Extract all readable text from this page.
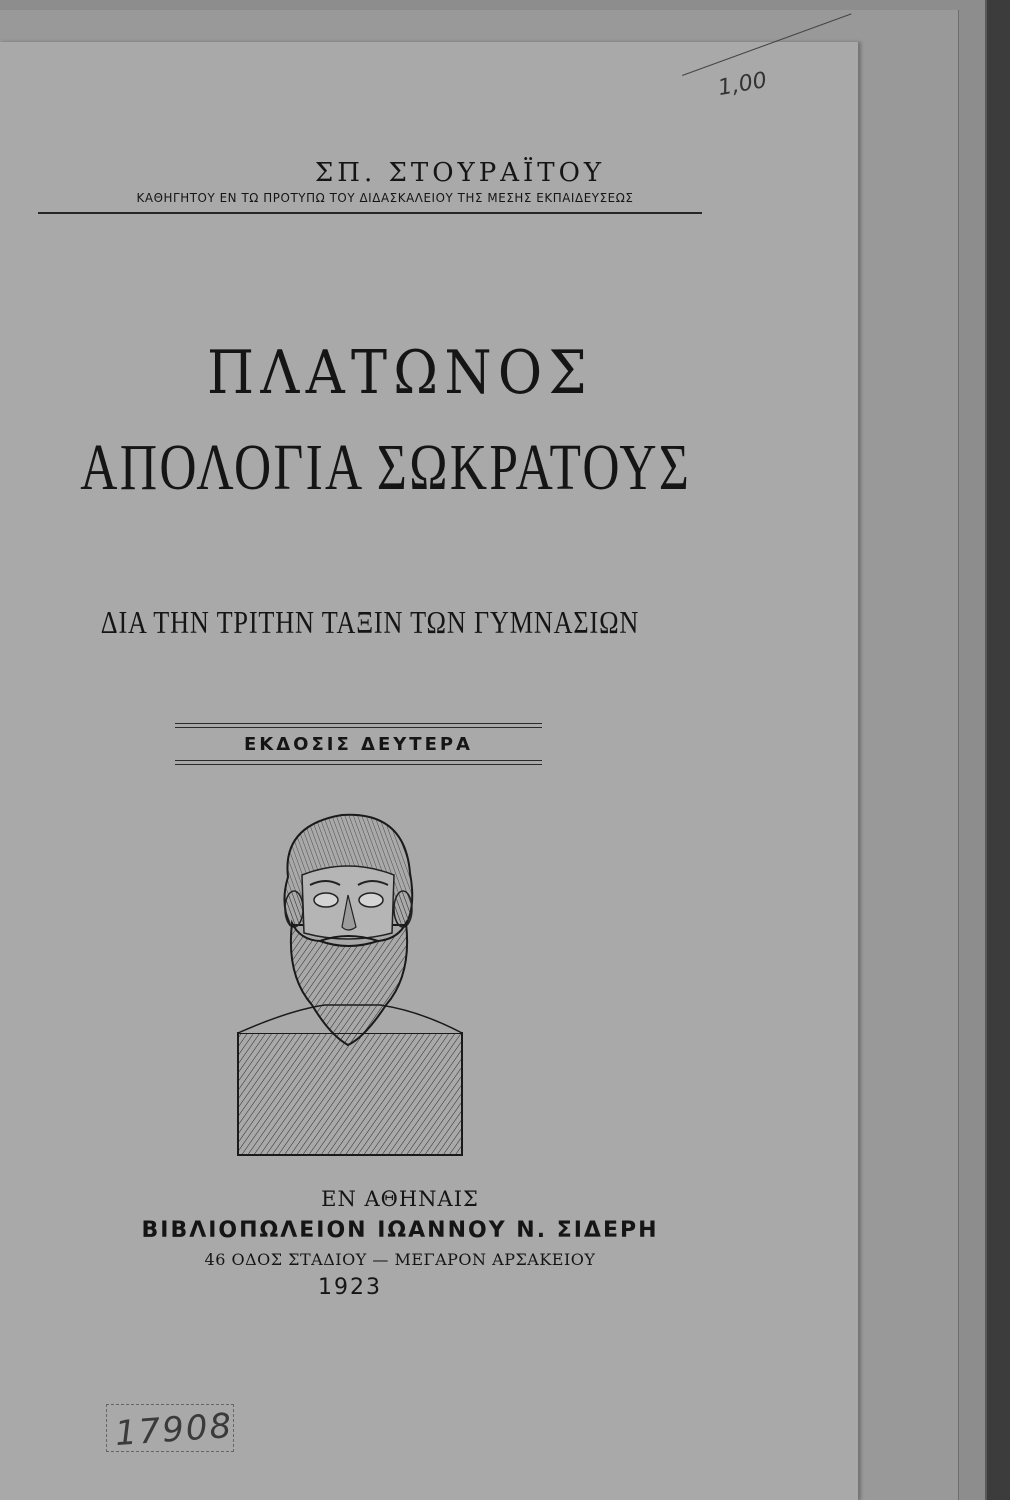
1,00
ΣΠ. ΣΤΟΥΡΑΪΤΟΥ
ΚΑΘΗΓΗΤΟΥ ΕΝ ΤΩ ΠΡΟΤΥΠΩ ΤΟΥ ΔΙΔΑΣΚΑΛΕΙΟΥ ΤΗΣ ΜΕΣΗΣ ΕΚΠΑΙΔΕΥΣΕΩΣ
ΠΛΑΤΩΝΟΣ
ΑΠΟΛΟΓΙΑ ΣΩΚΡΑΤΟΥΣ
ΔΙΑ ΤΗΝ ΤΡΙΤΗΝ ΤΑΞΙΝ ΤΩΝ ΓΥΜΝΑΣΙΩΝ
ΕΚΔΟΣΙΣ ΔΕΥΤΕΡΑ
ΕΝ ΑΘΗΝΑΙΣ
ΒΙΒΛΙΟΠΩΛΕΙΟΝ ΙΩΑΝΝΟΥ Ν. ΣΙΔΕΡΗ
46 ΟΔΟΣ ΣΤΑΔΙΟΥ — ΜΕΓΑΡΟΝ ΑΡΣΑΚΕΙΟΥ
1923
17908
